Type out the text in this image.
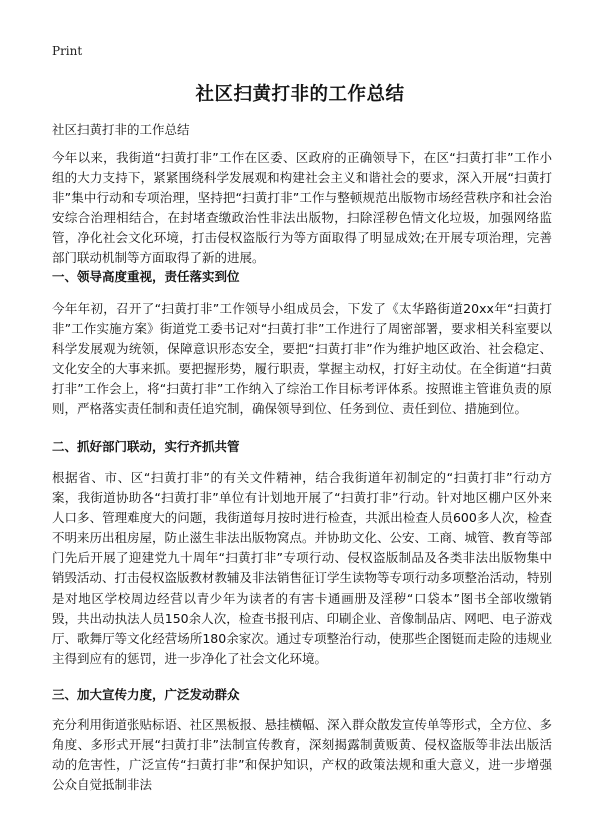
Print
社区扫黄打非的工作总结
社区扫黄打非的工作总结

今年以来，我街道“扫黄打非”工作在区委、区政府的正确领导下，在区“扫黄打非”工作小组的大力支持下，紧紧围绕科学发展观和构建社会主义和谐社会的要求，深入开展“扫黄打非”集中行动和专项治理，坚持把“扫黄打非”工作与整顿规范出版物市场经营秩序和社会治安综合治理相结合，在封堵查缴政治性非法出版物，扫除淫秽色情文化垃圾，加强网络监管，净化社会文化环境，打击侵权盗版行为等方面取得了明显成效;在开展专项治理，完善部门联动机制等方面取得了新的进展。

一、领导高度重视，责任落实到位

今年年初，召开了“扫黄打非”工作领导小组成员会，下发了《太华路街道20xx年“扫黄打非”工作实施方案》街道党工委书记对“扫黄打非”工作进行了周密部署，要求相关科室要以科学发展观为统领，保障意识形态安全，要把“扫黄打非”作为维护地区政治、社会稳定、文化安全的大事来抓。要把握形势，履行职责，掌握主动权，打好主动仗。在全街道“扫黄打非”工作会上，将“扫黄打非”工作纳入了综治工作目标考评体系。按照谁主管谁负责的原则，严格落实责任制和责任追究制，确保领导到位、任务到位、责任到位、措施到位。

二、抓好部门联动，实行齐抓共管

根据省、市、区“扫黄打非”的有关文件精神，结合我街道年初制定的“扫黄打非”行动方案，我街道协助各“扫黄打非”单位有计划地开展了“扫黄打非”行动。针对地区棚户区外来人口多、管理难度大的问题，我街道每月按时进行检查，共派出检查人员600多人次，检查不明来历出租房屋，防止滋生非法出版物窝点。并协助文化、公安、工商、城管、教育等部门先后开展了迎建党九十周年“扫黄打非”专项行动、侵权盗版制品及各类非法出版物集中销毁活动、打击侵权盗版教材教辅及非法销售征订学生读物等专项行动多项整治活动，特别是对地区学校周边经营以青少年为读者的有害卡通画册及淫秽“口袋本”图书全部收缴销毁，共出动执法人员150余人次，检查书报刊店、印刷企业、音像制品店、网吧、电子游戏厅、歌舞厅等文化经营场所180余家次。通过专项整治行动，使那些企图铤而走险的违规业主得到应有的惩罚，进一步净化了社会文化环境。

三、加大宣传力度，广泛发动群众

充分利用街道张贴标语、社区黑板报、悬挂横幅、深入群众散发宣传单等形式，全方位、多角度、多形式开展“扫黄打非”法制宣传教育，深刻揭露制黄贩黄、侵权盗版等非法出版活动的危害性，广泛宣传“扫黄打非”和保护知识，产权的政策法规和重大意义，进一步增强公众自觉抵制非法
